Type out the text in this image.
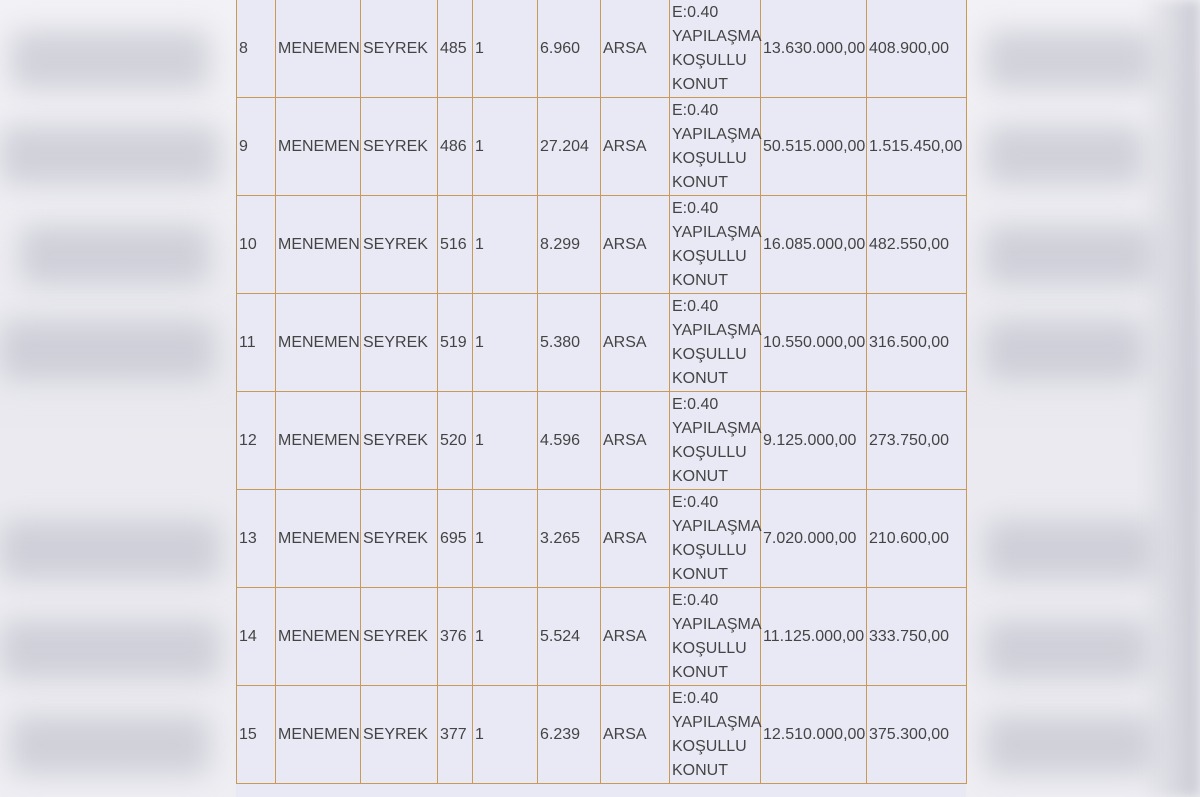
8	MENEMEN	SEYREK	485	1	6.960	ARSA	E:0.40
YAPILAŞMA
KOŞULLU
KONUT	13.630.000,00	408.900,00
9	MENEMEN	SEYREK	486	1	27.204	ARSA	E:0.40
YAPILAŞMA
KOŞULLU
KONUT	50.515.000,00	1.515.450,00
10	MENEMEN	SEYREK	516	1	8.299	ARSA	E:0.40
YAPILAŞMA
KOŞULLU
KONUT	16.085.000,00	482.550,00
11	MENEMEN	SEYREK	519	1	5.380	ARSA	E:0.40
YAPILAŞMA
KOŞULLU
KONUT	10.550.000,00	316.500,00
12	MENEMEN	SEYREK	520	1	4.596	ARSA	E:0.40
YAPILAŞMA
KOŞULLU
KONUT	9.125.000,00	273.750,00
13	MENEMEN	SEYREK	695	1	3.265	ARSA	E:0.40
YAPILAŞMA
KOŞULLU
KONUT	7.020.000,00	210.600,00
14	MENEMEN	SEYREK	376	1	5.524	ARSA	E:0.40
YAPILAŞMA
KOŞULLU
KONUT	11.125.000,00	333.750,00
15	MENEMEN	SEYREK	377	1	6.239	ARSA	E:0.40
YAPILAŞMA
KOŞULLU
KONUT	12.510.000,00	375.300,00
